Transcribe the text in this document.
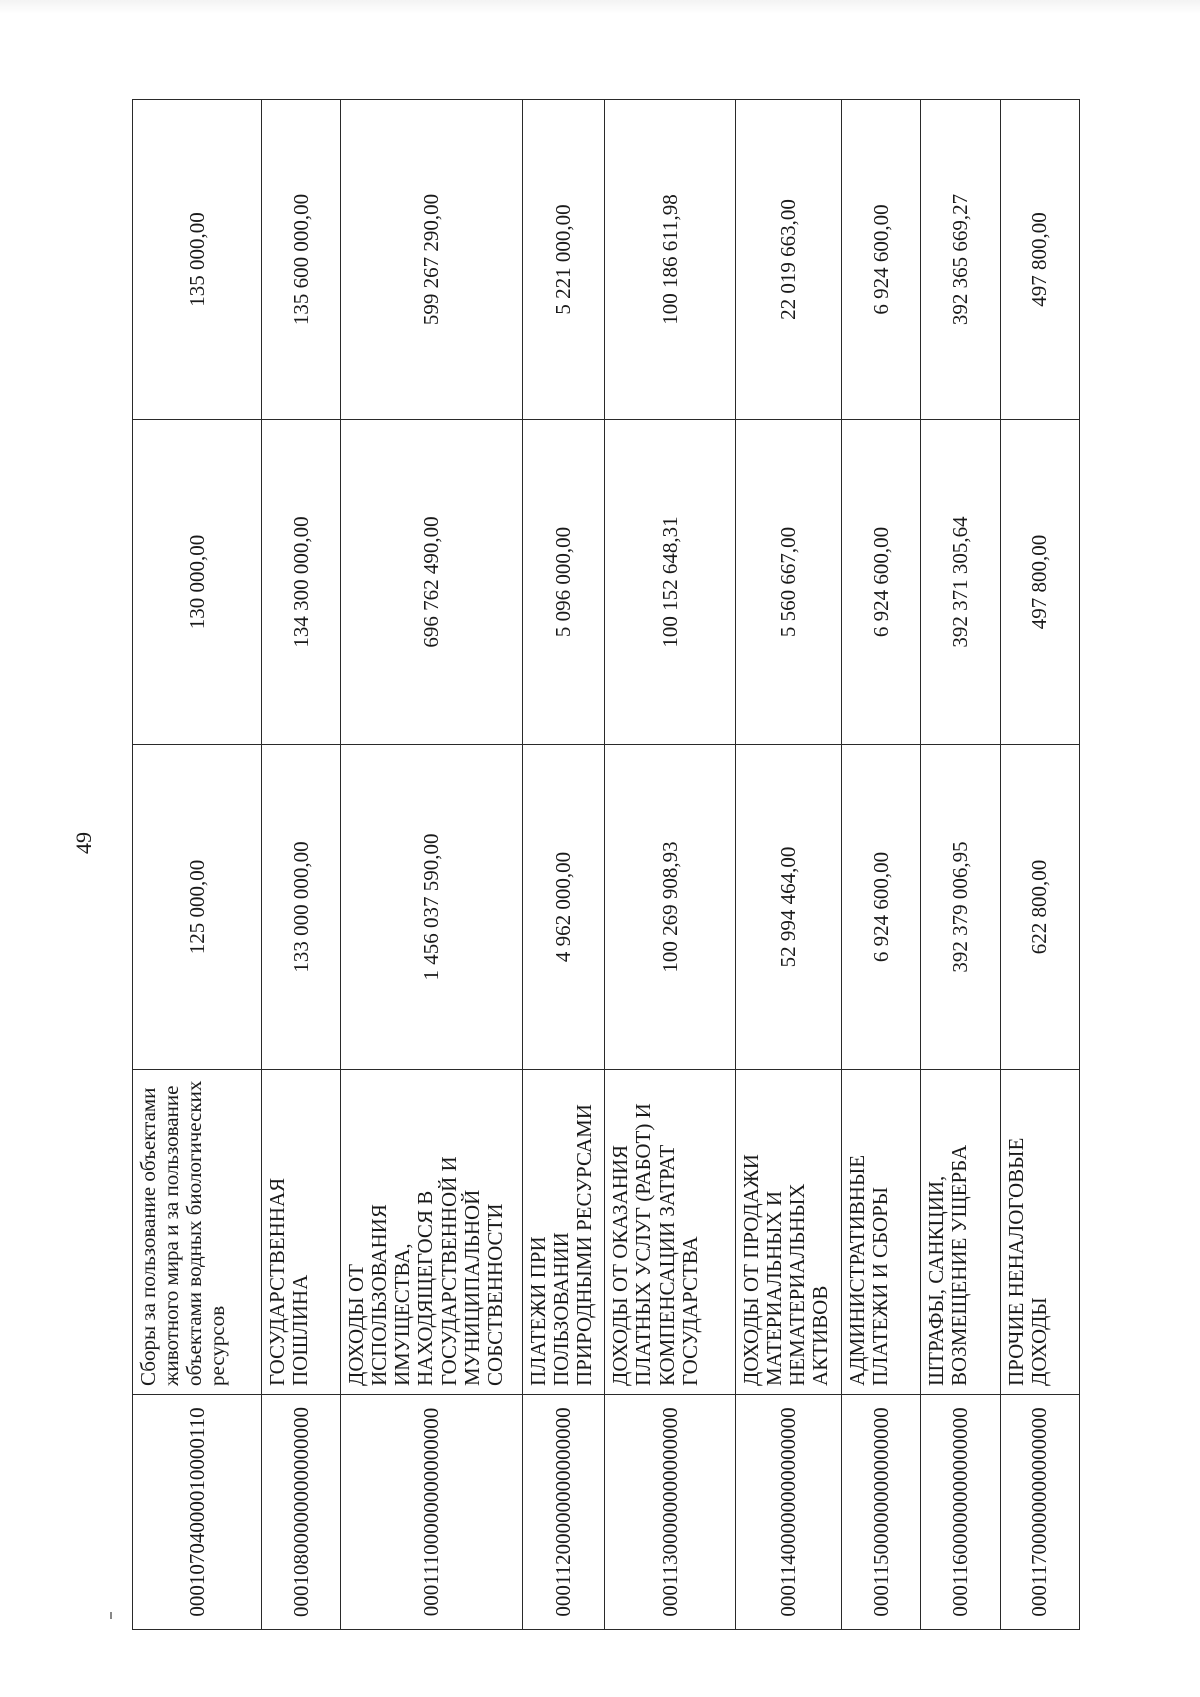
49
00010704000010000110	Сборы за пользование объектами животного мира и за пользование объектами водных биологических ресурсов	125 000,00	130 000,00	135 000,00
00010800000000000000	ГОСУДАРСТВЕННАЯ ПОШЛИНА	133 000 000,00	134 300 000,00	135 600 000,00
00011100000000000000	ДОХОДЫ ОТ ИСПОЛЬЗОВАНИЯ ИМУЩЕСТВА, НАХОДЯЩЕГОСЯ В ГОСУДАРСТВЕННОЙ И МУНИЦИПАЛЬНОЙ СОБСТВЕННОСТИ	1 456 037 590,00	696 762 490,00	599 267 290,00
00011200000000000000	ПЛАТЕЖИ ПРИ ПОЛЬЗОВАНИИ ПРИРОДНЫМИ РЕСУРСАМИ	4 962 000,00	5 096 000,00	5 221 000,00
00011300000000000000	ДОХОДЫ ОТ ОКАЗАНИЯ ПЛАТНЫХ УСЛУГ (РАБОТ) И КОМПЕНСАЦИИ ЗАТРАТ ГОСУДАРСТВА	100 269 908,93	100 152 648,31	100 186 611,98
00011400000000000000	ДОХОДЫ ОТ ПРОДАЖИ МАТЕРИАЛЬНЫХ И НЕМАТЕРИАЛЬНЫХ АКТИВОВ	52 994 464,00	5 560 667,00	22 019 663,00
00011500000000000000	АДМИНИСТРАТИВНЫЕ ПЛАТЕЖИ И СБОРЫ	6 924 600,00	6 924 600,00	6 924 600,00
00011600000000000000	ШТРАФЫ, САНКЦИИ, ВОЗМЕЩЕНИЕ УЩЕРБА	392 379 006,95	392 371 305,64	392 365 669,27
00011700000000000000	ПРОЧИЕ НЕНАЛОГОВЫЕ ДОХОДЫ	622 800,00	497 800,00	497 800,00
